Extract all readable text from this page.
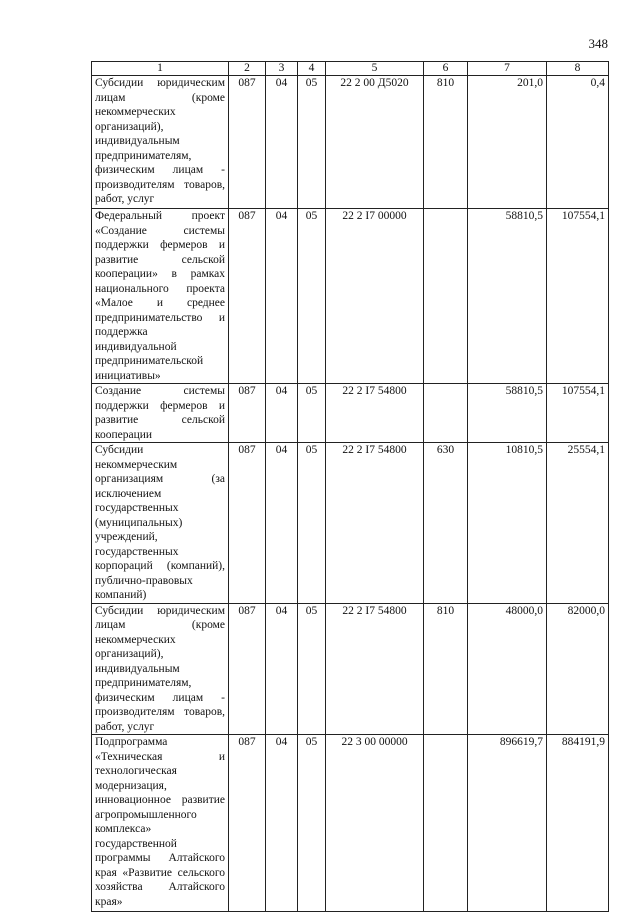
348
1	2	3	4	5	6	7	8
Субсидии юридическим лицам (кроме некоммерческих организаций), индивидуальным предпринимателям, физическим лицам - производителям товаров, работ, услуг	087	04	05	22 2 00 Д5020	810	201,0	0,4
Федеральный проект «Создание системы поддержки фермеров и развитие сельской кооперации» в рамках национального проекта «Малое и среднее предпринимательство и поддержка индивидуальной предпринимательской инициативы»	087	04	05	22 2 I7 00000		58810,5	107554,1
Создание системы поддержки фермеров и развитие сельской кооперации	087	04	05	22 2 I7 54800		58810,5	107554,1
Субсидии некоммерческим организациям (за исключением государственных (муниципальных) учреждений, государственных корпораций (компаний), публично-правовых компаний)	087	04	05	22 2 I7 54800	630	10810,5	25554,1
Субсидии юридическим лицам (кроме некоммерческих организаций), индивидуальным предпринимателям, физическим лицам - производителям товаров, работ, услуг	087	04	05	22 2 I7 54800	810	48000,0	82000,0
Подпрограмма «Техническая и технологическая модернизация, инновационное развитие агропромышленного комплекса» государственной программы Алтайского края «Развитие сельского хозяйства Алтайского края»	087	04	05	22 3 00 00000		896619,7	884191,9
